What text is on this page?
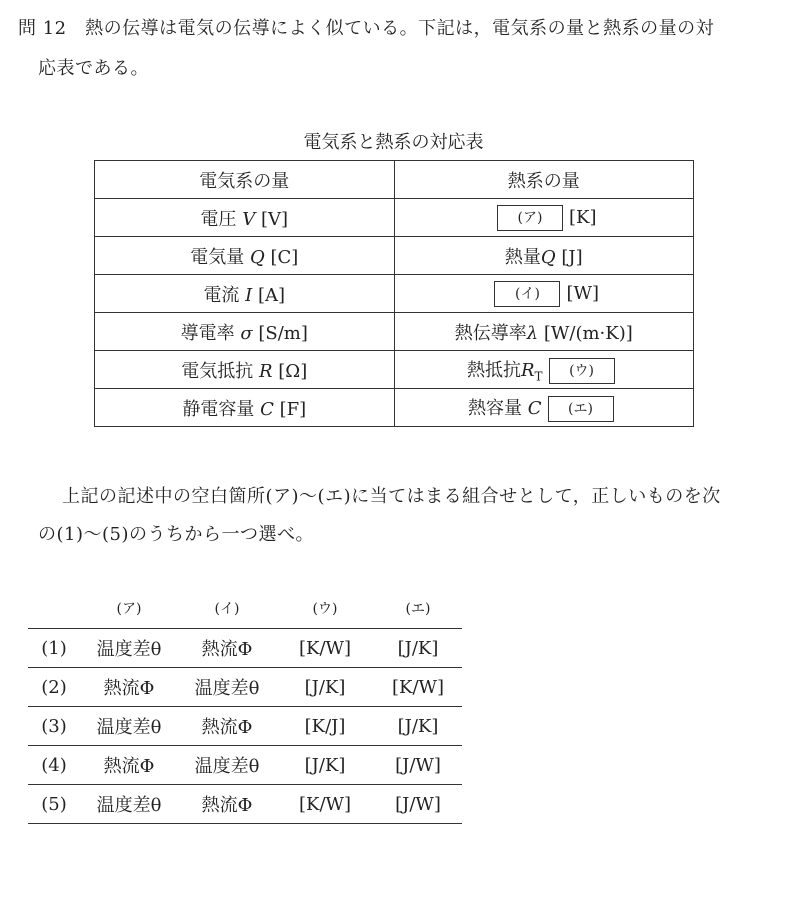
問 12　熱の伝導は電気の伝導によく似ている。下記は，電気系の量と熱系の量の対
応表である。
電気系と熱系の対応表
電気系の量	熱系の量
電圧 V [V]	(ア) [K]
電気量 Q [C]	熱量Q [J]
電流 I [A]	(イ) [W]
導電率 σ [S/m]	熱伝導率λ [W/(m·K)]
電気抵抗 R [Ω]	熱抵抗$R_T$ (ウ)
静電容量 C [F]	熱容量 C (エ)
上記の記述中の空白箇所(ア)～(エ)に当てはまる組合せとして，正しいものを次
の(1)～(5)のうちから一つ選べ。
	(ア)	(イ)	(ウ)	(エ)
(1)	温度差θ	熱流Φ	[K/W]	[J/K]
(2)	熱流Φ	温度差θ	[J/K]	[K/W]
(3)	温度差θ	熱流Φ	[K/J]	[J/K]
(4)	熱流Φ	温度差θ	[J/K]	[J/W]
(5)	温度差θ	熱流Φ	[K/W]	[J/W]
